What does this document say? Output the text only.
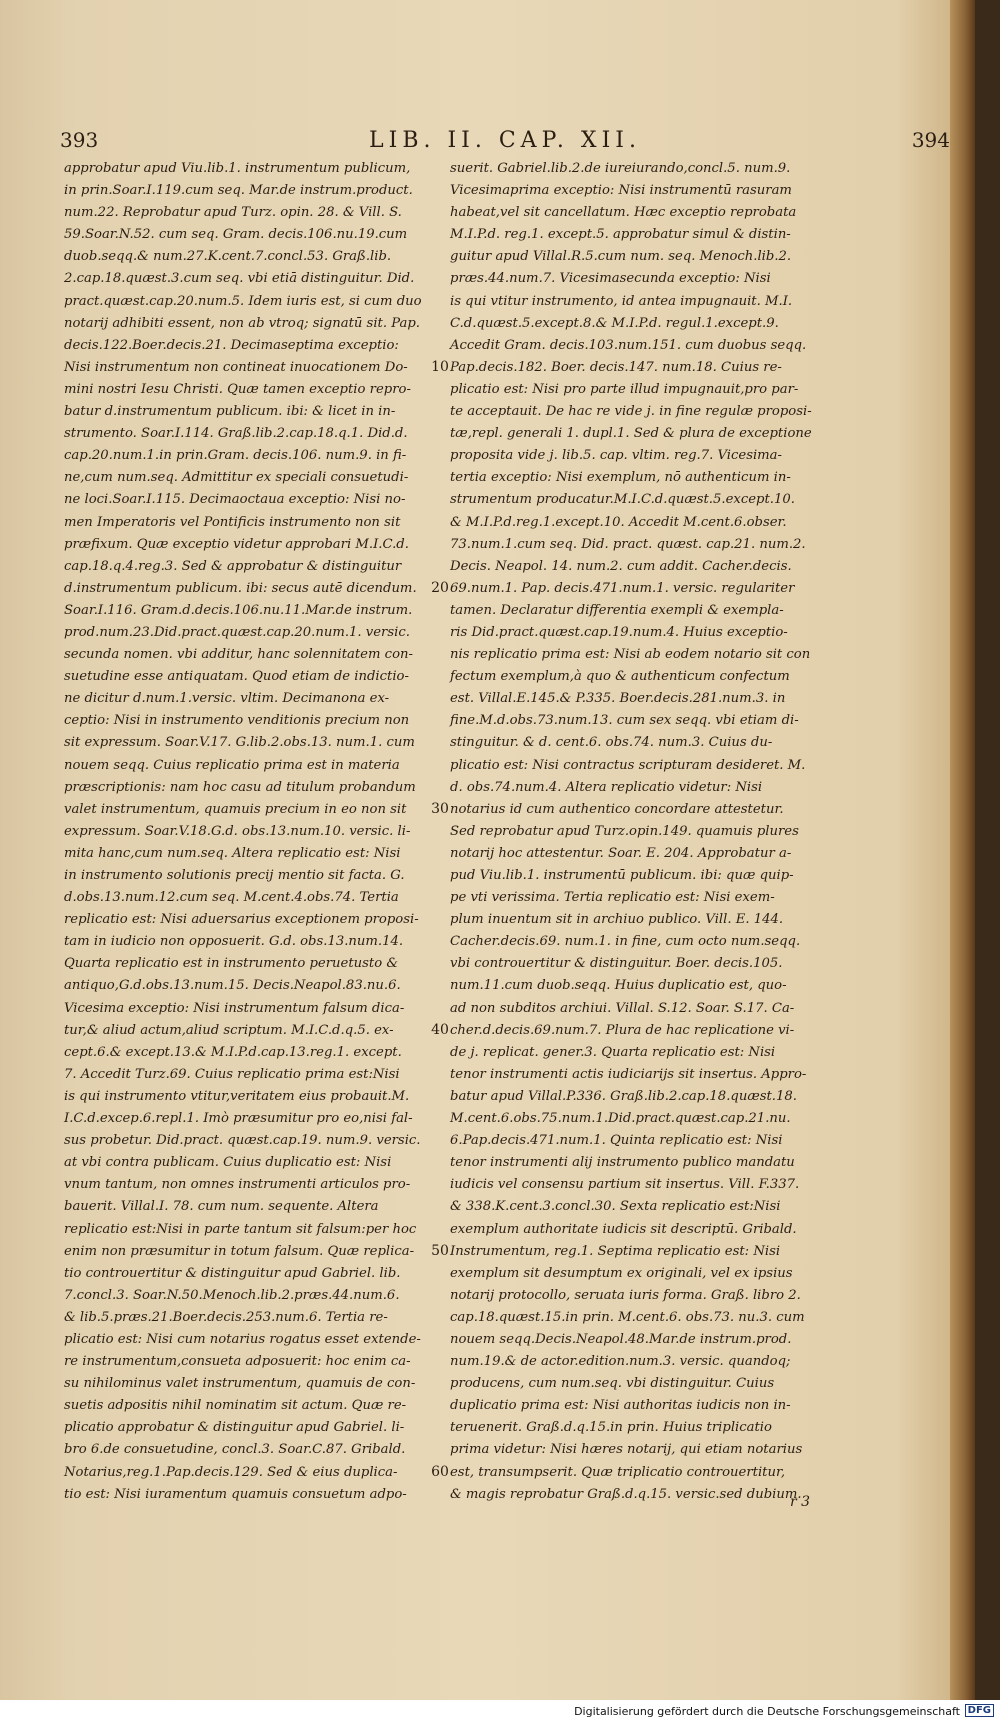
393	LIB. II. CAP. XII.	394
approbatur apud Viu.lib.1. instrumentum publicum,
in prin.Soar.I.119.cum seq. Mar.de instrum.product.
num.22. Reprobatur apud Turz. opin. 28. & Vill. S.
59.Soar.N.52. cum seq. Gram. decis.106.nu.19.cum
duob.seqq.& num.27.K.cent.7.concl.53. Graß.lib.
2.cap.18.quæst.3.cum seq. vbi etiā distinguitur. Did.
pract.quæst.cap.20.num.5. Idem iuris est, si cum duo
notarij adhibiti essent, non ab vtroq; signatū sit. Pap.
decis.122.Boer.decis.21. Decimaseptima exceptio:
Nisi instrumentum non contineat inuocationem Do-
mini nostri Iesu Christi. Quæ tamen exceptio repro-
batur d.instrumentum publicum. ibi: & licet in in-
strumento. Soar.I.114. Graß.lib.2.cap.18.q.1. Did.d.
cap.20.num.1.in prin.Gram. decis.106. num.9. in fi-
ne,cum num.seq. Admittitur ex speciali consuetudi-
ne loci.Soar.I.115. Decimaoctaua exceptio: Nisi no-
men Imperatoris vel Pontificis instrumento non sit
præfixum. Quæ exceptio videtur approbari M.I.C.d.
cap.18.q.4.reg.3. Sed & approbatur & distinguitur
d.instrumentum publicum. ibi: secus autē dicendum.
Soar.I.116. Gram.d.decis.106.nu.11.Mar.de instrum.
prod.num.23.Did.pract.quæst.cap.20.num.1. versic.
secunda nomen. vbi additur, hanc solennitatem con-
suetudine esse antiquatam. Quod etiam de indictio-
ne dicitur d.num.1.versic. vltim. Decimanona ex-
ceptio: Nisi in instrumento venditionis precium non
sit expressum. Soar.V.17. G.lib.2.obs.13. num.1. cum
nouem seqq. Cuius replicatio prima est in materia
præscriptionis: nam hoc casu ad titulum probandum
valet instrumentum, quamuis precium in eo non sit
expressum. Soar.V.18.G.d. obs.13.num.10. versic. li-
mita hanc,cum num.seq. Altera replicatio est: Nisi
in instrumento solutionis precij mentio sit facta. G.
d.obs.13.num.12.cum seq. M.cent.4.obs.74. Tertia
replicatio est: Nisi aduersarius exceptionem proposi-
tam in iudicio non opposuerit. G.d. obs.13.num.14.
Quarta replicatio est in instrumento peruetusto &
antiquo,G.d.obs.13.num.15. Decis.Neapol.83.nu.6.
Vicesima exceptio: Nisi instrumentum falsum dica-
tur,& aliud actum,aliud scriptum. M.I.C.d.q.5. ex-
cept.6.& except.13.& M.I.P.d.cap.13.reg.1. except.
7. Accedit Turz.69. Cuius replicatio prima est:Nisi
is qui instrumento vtitur,veritatem eius probauit.M.
I.C.d.excep.6.repl.1. Imò præsumitur pro eo,nisi fal-
sus probetur. Did.pract. quæst.cap.19. num.9. versic.
at vbi contra publicam. Cuius duplicatio est: Nisi
vnum tantum, non omnes instrumenti articulos pro-
bauerit. Villal.I. 78. cum num. sequente. Altera
replicatio est:Nisi in parte tantum sit falsum:per hoc
enim non præsumitur in totum falsum. Quæ replica-
tio controuertitur & distinguitur apud Gabriel. lib.
7.concl.3. Soar.N.50.Menoch.lib.2.præs.44.num.6.
& lib.5.præs.21.Boer.decis.253.num.6. Tertia re-
plicatio est: Nisi cum notarius rogatus esset extende-
re instrumentum,consueta adposuerit: hoc enim ca-
su nihilominus valet instrumentum, quamuis de con-
suetis adpositis nihil nominatim sit actum. Quæ re-
plicatio approbatur & distinguitur apud Gabriel. li-
bro 6.de consuetudine, concl.3. Soar.C.87. Gribald.
Notarius,reg.1.Pap.decis.129. Sed & eius duplica-
tio est: Nisi iuramentum quamuis consuetum adpo-
10
20
30
40
50
60
suerit. Gabriel.lib.2.de iureiurando,concl.5. num.9.
Vicesimaprima exceptio: Nisi instrumentū rasuram
habeat,vel sit cancellatum. Hæc exceptio reprobata
M.I.P.d. reg.1. except.5. approbatur simul & distin-
guitur apud Villal.R.5.cum num. seq. Menoch.lib.2.
præs.44.num.7. Vicesimasecunda exceptio: Nisi
is qui vtitur instrumento, id antea impugnauit. M.I.
C.d.quæst.5.except.8.& M.I.P.d. regul.1.except.9.
Accedit Gram. decis.103.num.151. cum duobus seqq.
Pap.decis.182. Boer. decis.147. num.18. Cuius re-
plicatio est: Nisi pro parte illud impugnauit,pro par-
te acceptauit. De hac re vide j. in fine regulæ proposi-
tæ,repl. generali 1. dupl.1. Sed & plura de exceptione
proposita vide j. lib.5. cap. vltim. reg.7. Vicesima-
tertia exceptio: Nisi exemplum, nō authenticum in-
strumentum producatur.M.I.C.d.quæst.5.except.10.
& M.I.P.d.reg.1.except.10. Accedit M.cent.6.obser.
73.num.1.cum seq. Did. pract. quæst. cap.21. num.2.
Decis. Neapol. 14. num.2. cum addit. Cacher.decis.
69.num.1. Pap. decis.471.num.1. versic. regulariter
tamen. Declaratur differentia exempli & exempla-
ris Did.pract.quæst.cap.19.num.4. Huius exceptio-
nis replicatio prima est: Nisi ab eodem notario sit con
fectum exemplum,à quo & authenticum confectum
est. Villal.E.145.& P.335. Boer.decis.281.num.3. in
fine.M.d.obs.73.num.13. cum sex seqq. vbi etiam di-
stinguitur. & d. cent.6. obs.74. num.3. Cuius du-
plicatio est: Nisi contractus scripturam desideret. M.
d. obs.74.num.4. Altera replicatio videtur: Nisi
notarius id cum authentico concordare attestetur.
Sed reprobatur apud Turz.opin.149. quamuis plures
notarij hoc attestentur. Soar. E. 204. Approbatur a-
pud Viu.lib.1. instrumentū publicum. ibi: quæ quip-
pe vti verissima. Tertia replicatio est: Nisi exem-
plum inuentum sit in archiuo publico. Vill. E. 144.
Cacher.decis.69. num.1. in fine, cum octo num.seqq.
vbi controuertitur & distinguitur. Boer. decis.105.
num.11.cum duob.seqq. Huius duplicatio est, quo-
ad non subditos archiui. Villal. S.12. Soar. S.17. Ca-
cher.d.decis.69.num.7. Plura de hac replicatione vi-
de j. replicat. gener.3. Quarta replicatio est: Nisi
tenor instrumenti actis iudiciarijs sit insertus. Appro-
batur apud Villal.P.336. Graß.lib.2.cap.18.quæst.18.
M.cent.6.obs.75.num.1.Did.pract.quæst.cap.21.nu.
6.Pap.decis.471.num.1. Quinta replicatio est: Nisi
tenor instrumenti alij instrumento publico mandatu
iudicis vel consensu partium sit insertus. Vill. F.337.
& 338.K.cent.3.concl.30. Sexta replicatio est:Nisi
exemplum authoritate iudicis sit descriptū. Gribald.
Instrumentum, reg.1. Septima replicatio est: Nisi
exemplum sit desumptum ex originali, vel ex ipsius
notarij protocollo, seruata iuris forma. Graß. libro 2.
cap.18.quæst.15.in prin. M.cent.6. obs.73. nu.3. cum
nouem seqq.Decis.Neapol.48.Mar.de instrum.prod.
num.19.& de actor.edition.num.3. versic. quandoq;
producens, cum num.seq. vbi distinguitur. Cuius
duplicatio prima est: Nisi authoritas iudicis non in-
teruenerit. Graß.d.q.15.in prin. Huius triplicatio
prima videtur: Nisi hæres notarij, qui etiam notarius
est, transumpserit. Quæ triplicatio controuertitur,
& magis reprobatur Graß.d.q.15. versic.sed dubium.
r 3
Digitalisierung gefördert durch die Deutsche Forschungsgemeinschaft DFG
